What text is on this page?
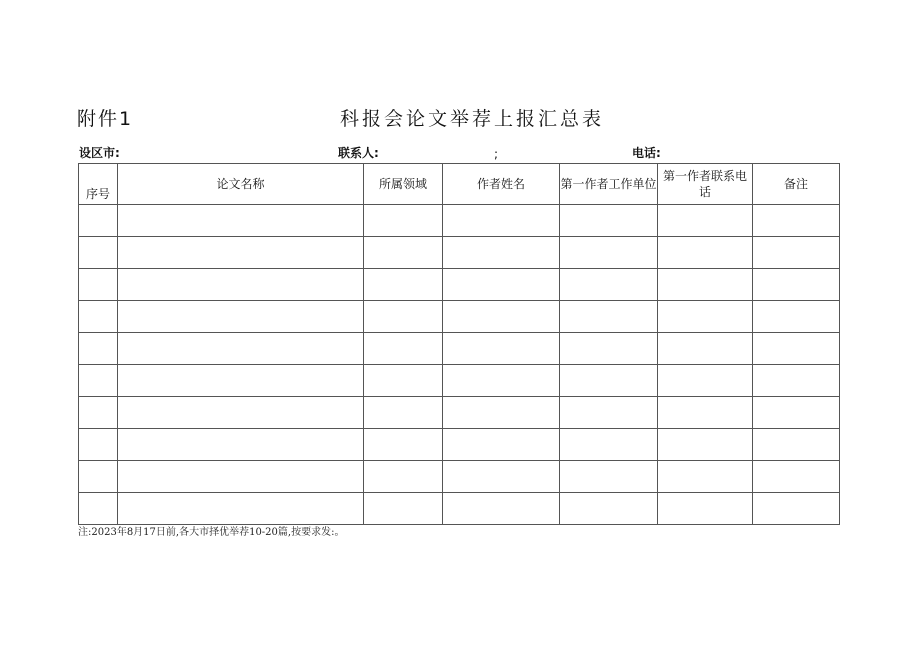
附件1	科报会论文举荐上报汇总表
设区市:	联系人:	;	电话:
序号	论文名称	所属领域	作者姓名	第一作者工作单位	第一作者联系电话	备注

注:2023年8月17日前,各大市择优举荐10-20篇,按要求发:。
